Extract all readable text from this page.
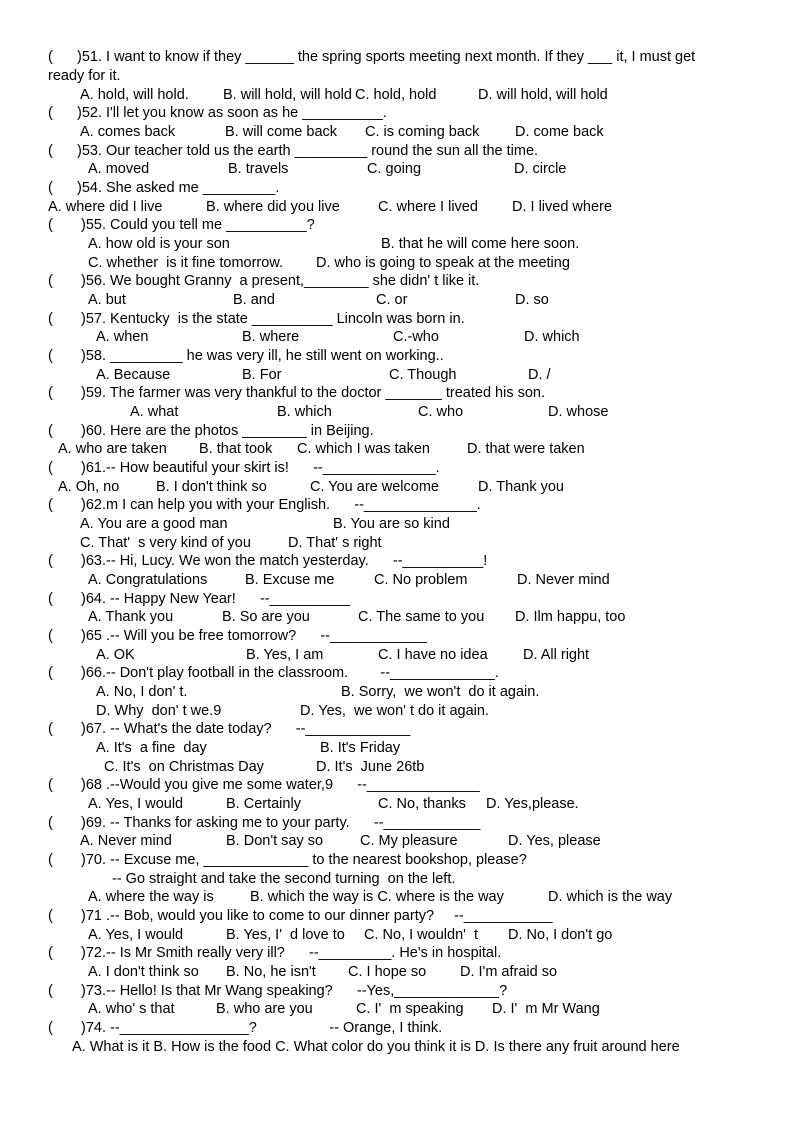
(      )51. I want to know if they ______ the spring sports meeting next month. If they ___ it, I must get
ready for it.
A. hold, will hold. B. will hold, will hold C. hold, hold	D. will hold, will hold
(      )52. I'll let you know as soon as he __________.
A. comes back	B. will come back C. is coming back D. come back
(      )53. Our teacher told us the earth _________ round the sun all the time.
A. moved	B. travels	C. going	D. circle
(      )54. She asked me _________.
A. where did I live	B. where did you live	C. where I lived D. I lived where
(       )55. Could you tell me __________?
A. how old is your son	B. that he will come here soon.
C. whether  is it fine tomorrow. D. who is going to speak at the meeting
(       )56. We bought Granny  a present,________ she didn' t like it.
A. but	B. and	C. or	D. so
(       )57. Kentucky  is the state __________ Lincoln was born in.
A. when	B. where	C.-who	D. which
(       )58. _________ he was very ill, he still went on working..
A. Because	B. For	C. Though	D. /
(       )59. The farmer was very thankful to the doctor _______ treated his son.
A. what	B. which	C. who	D. whose
(       )60. Here are the photos ________ in Beijing.
A. who are taken B. that took C. which I was taken	D. that were taken
(       )61.-- How beautiful your skirt is!      --______________.
A. Oh, no	B. I don't think so	C. You are welcome	D. Thank you
(       )62.m I can help you with your English.      --______________.
A. You are a good man	B. You are so kind
C. That'  s very kind of you	D. That' s right
(       )63.-- Hi, Lucy. We won the match yesterday.      --__________!
A. Congratulations	B. Excuse me	C. No problem	D. Never mind
(       )64. -- Happy New Year!      --__________
A. Thank you	B. So are you	C. The same to you D. Ilm happu, too
(       )65 .-- Will you be free tomorrow?      --____________
A. OK	B. Yes, I am	C. I have no idea D. All right
(       )66.-- Don't play football in the classroom.        --_____________.
A. No, I don' t.	B. Sorry,  we won't  do it again.
D. Why  don' t we.9	D. Yes,  we won' t do it again.
(       )67. -- What's the date today?      --_____________
A. It's  a fine  day	B. It's Friday
C. It's  on Christmas Day	D. It's  June 26tb
(       )68 .--Would you give me some water,9      --______________
A. Yes, I would	B. Certainly	C. No, thanks D. Yes,please.
(       )69. -- Thanks for asking me to your party.      --____________
A. Never mind	B. Don't say so	C. My pleasure	D. Yes, please
(       )70. -- Excuse me, _____________ to the nearest bookshop, please?
-- Go straight and take the second turning  on the left.
A. where the way is	B. which the way is C. where is the way	D. which is the way
(       )71 .-- Bob, would you like to come to our dinner party?     --___________
A. Yes, I would	B. Yes, I'  d love to C. No, I wouldn'  t D. No, I don't go
(       )72.-- Is Mr Smith really very ill?      --_________. He's in hospital.
A. I don't think so B. No, he isn't C. I hope so D. I'm afraid so
(       )73.-- Hello! Is that Mr Wang speaking?      --Yes,_____________?
A. who' s that	B. who are you	C. I'  m speaking D. I'  m Mr Wang
(       )74. --________________?                  -- Orange, I think.
A. What is it B. How is the food C. What color do you think it is D. Is there any fruit around here
